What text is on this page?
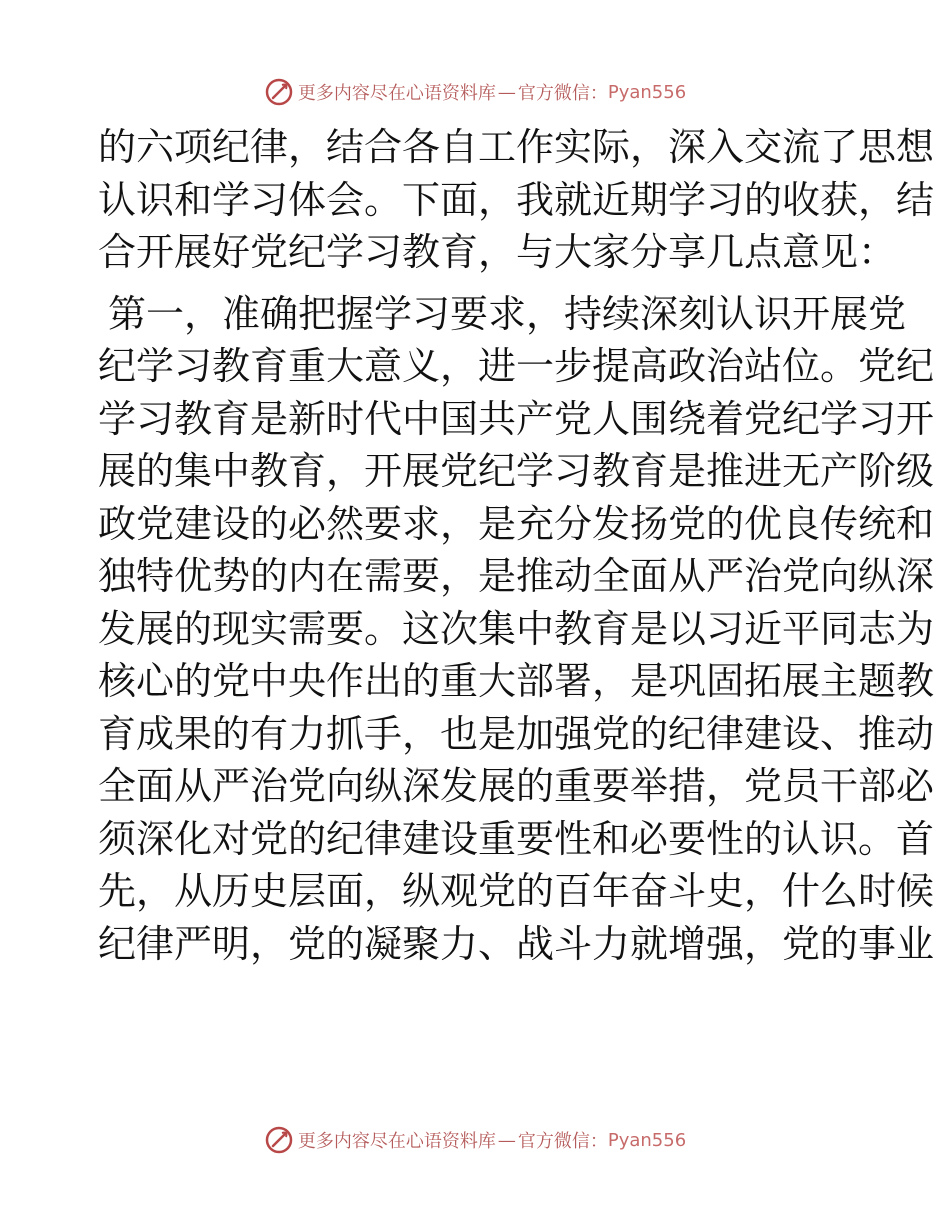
更多内容尽在心语资料库 — 官方微信： Pyan556
的六项纪律，结合各自工作实际，深入交流了思想
认识和学习体会。下面，我就近期学习的收获，结
合开展好党纪学习教育，与大家分享几点意见：
第一，准确把握学习要求，持续深刻认识开展党
纪学习教育重大意义，进一步提高政治站位。党纪
学习教育是新时代中国共产党人围绕着党纪学习开
展的集中教育，开展党纪学习教育是推进无产阶级
政党建设的必然要求，是充分发扬党的优良传统和
独特优势的内在需要，是推动全面从严治党向纵深
发展的现实需要。这次集中教育是以习近平同志为
核心的党中央作出的重大部署，是巩固拓展主题教
育成果的有力抓手，也是加强党的纪律建设、推动
全面从严治党向纵深发展的重要举措，党员干部必
须深化对党的纪律建设重要性和必要性的认识。首
先，从历史层面，纵观党的百年奋斗史，什么时候
纪律严明，党的凝聚力、战斗力就增强，党的事业
更多内容尽在心语资料库 — 官方微信： Pyan556
